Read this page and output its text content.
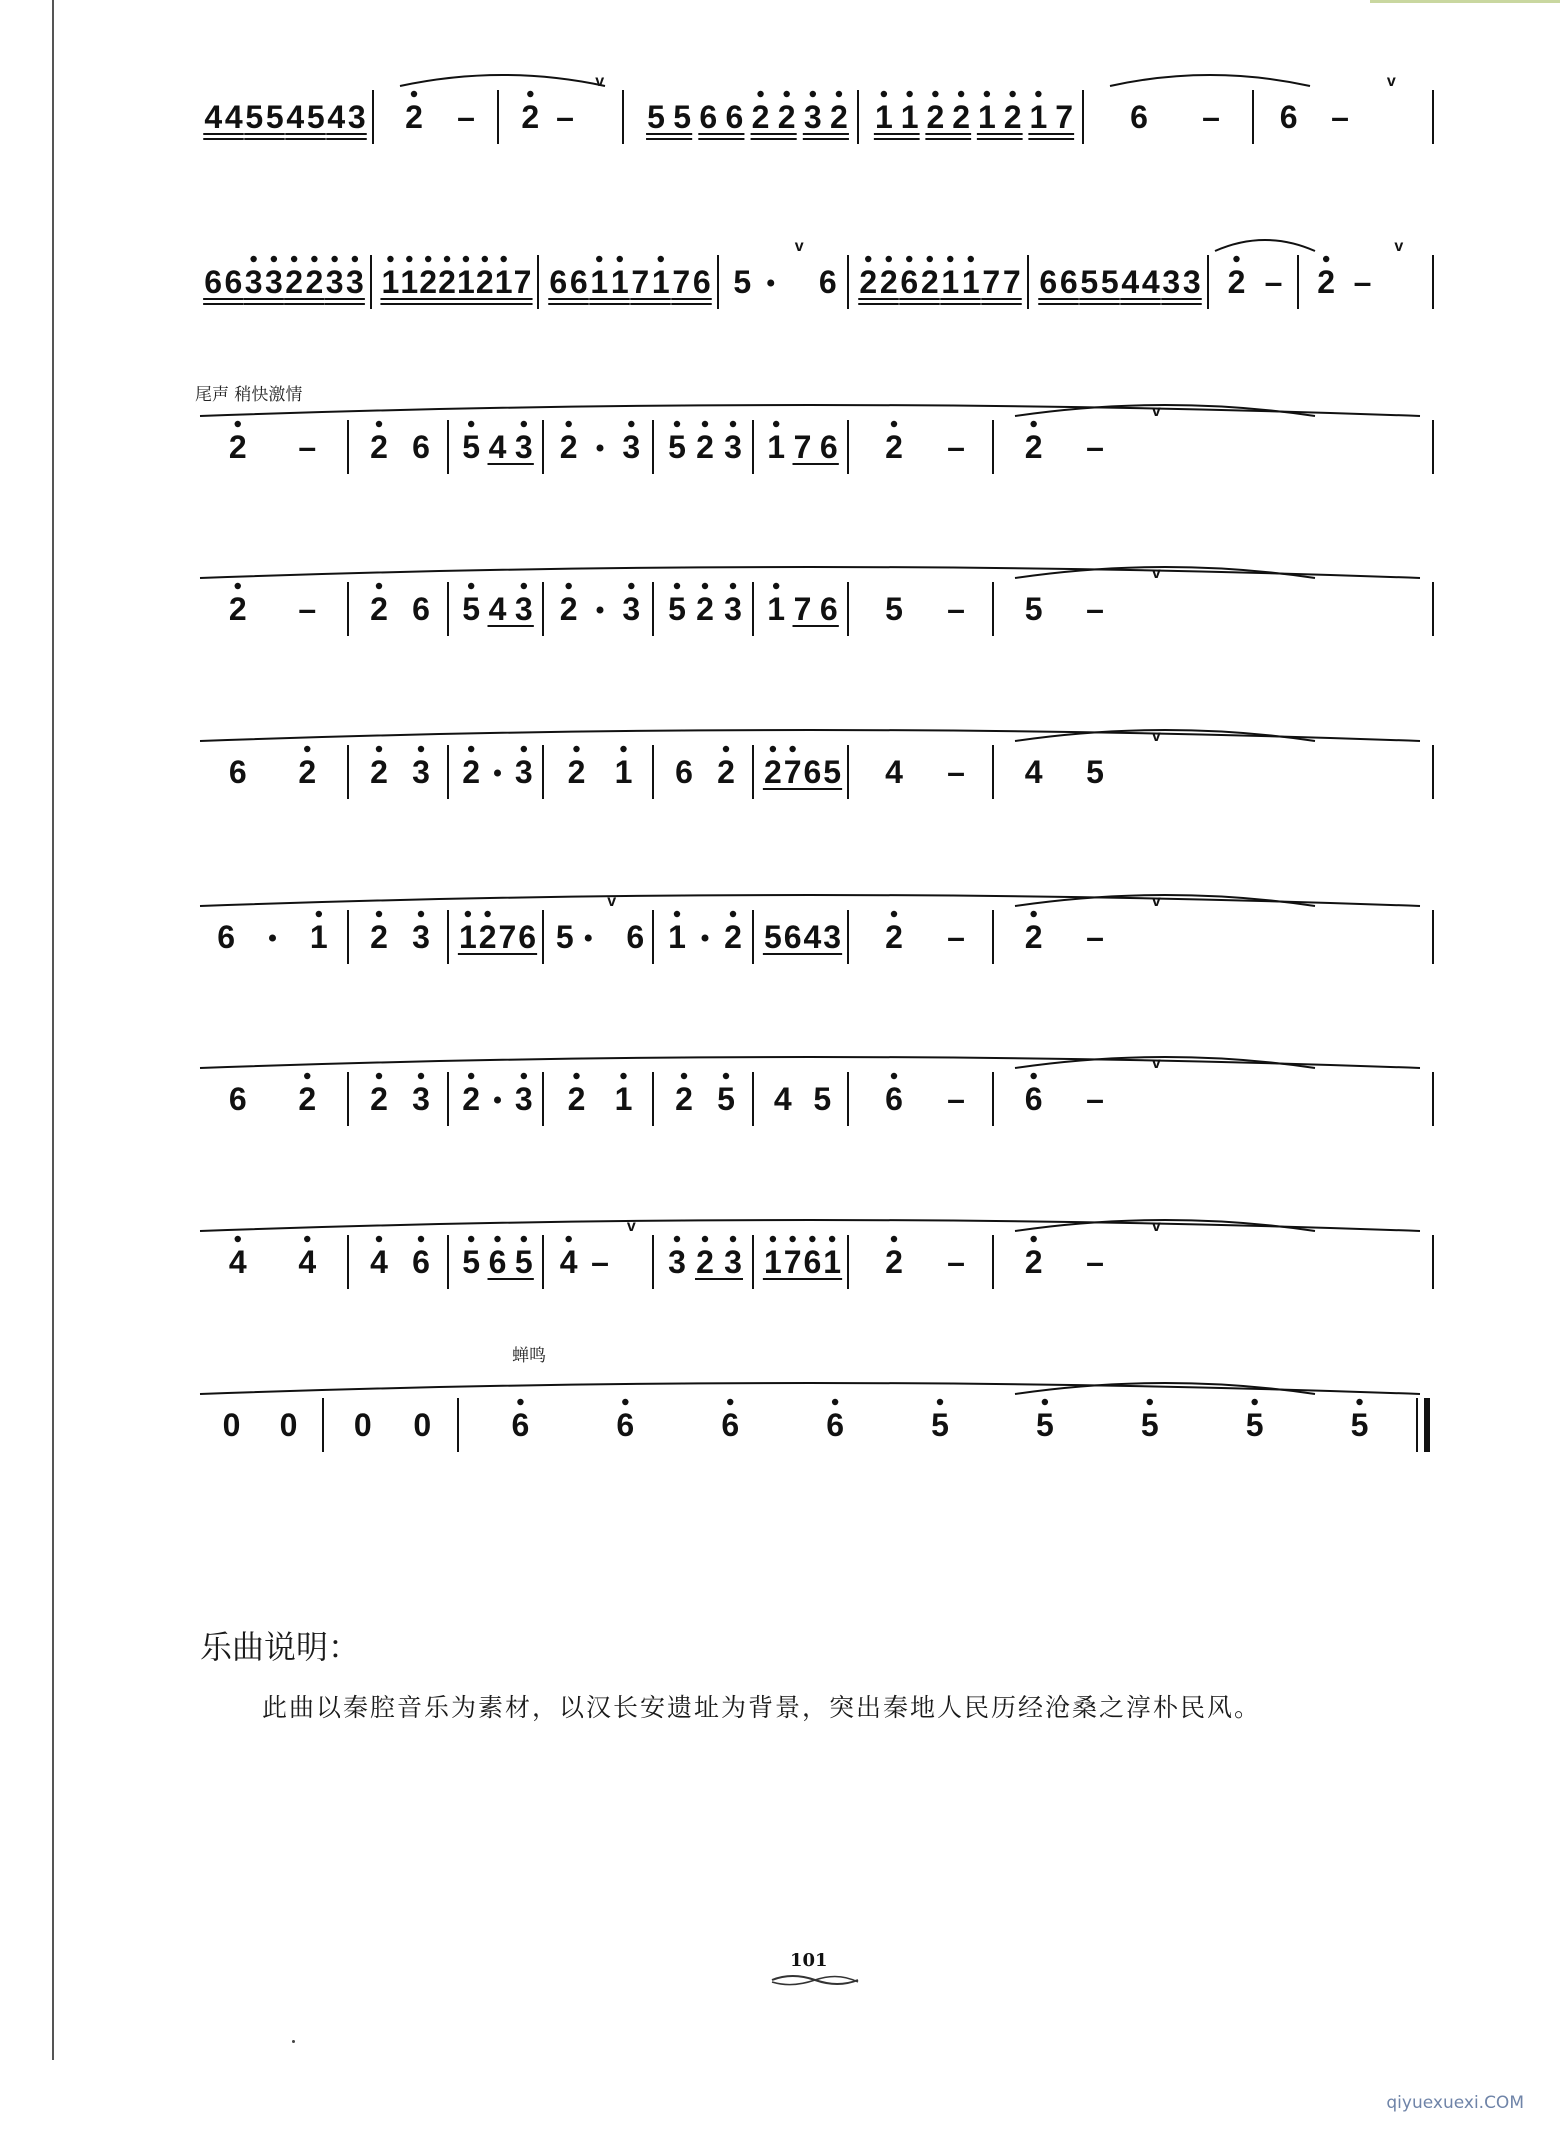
尾声 稍快激情
蝉鸣
4 4 5 5 4 5 4 3 2 – 2 –
v
5 5 6 6 2 2 3 2 1 1 2 2 1 2 1 7 6 – 6 –
v
6 6 3 3 2 2 3 3 1 1 2 2 1 2 1 7 6 6 1 1 7 1 7 6 5
v
6 2 2 6 2 1 1 7 7 6 6 5 5 4 4 3 3 2 – 2 –
v
2 – 2 6 5 4 3 2 3 5 2 3 1 7 6 2 – 2 –
v
2 – 2 6 5 4 3 2 3 5 2 3 1 7 6 5 – 5 –
v
6 2 2 3 2 3 2 1 6 2 2 7 6 5 4 – 4 5
v
6 1 2 3 1 2 7 6 5
v
6 1 2 5 6 4 3 2 – 2 –
v
6 2 2 3 2 3 2 1 2 5 4 5 6 – 6 –
v
4 4 4 6 5 6 5 4 –
v
3 2 3 1 7 6 1 2 – 2 –
v
0 0 0 0	6	6	6	6	5	5	5	5	5
乐曲说明：
此曲以秦腔音乐为素材，以汉长安遗址为背景，突出秦地人民历经沧桑之淳朴民风。
101
qiyuexuexi.COM
